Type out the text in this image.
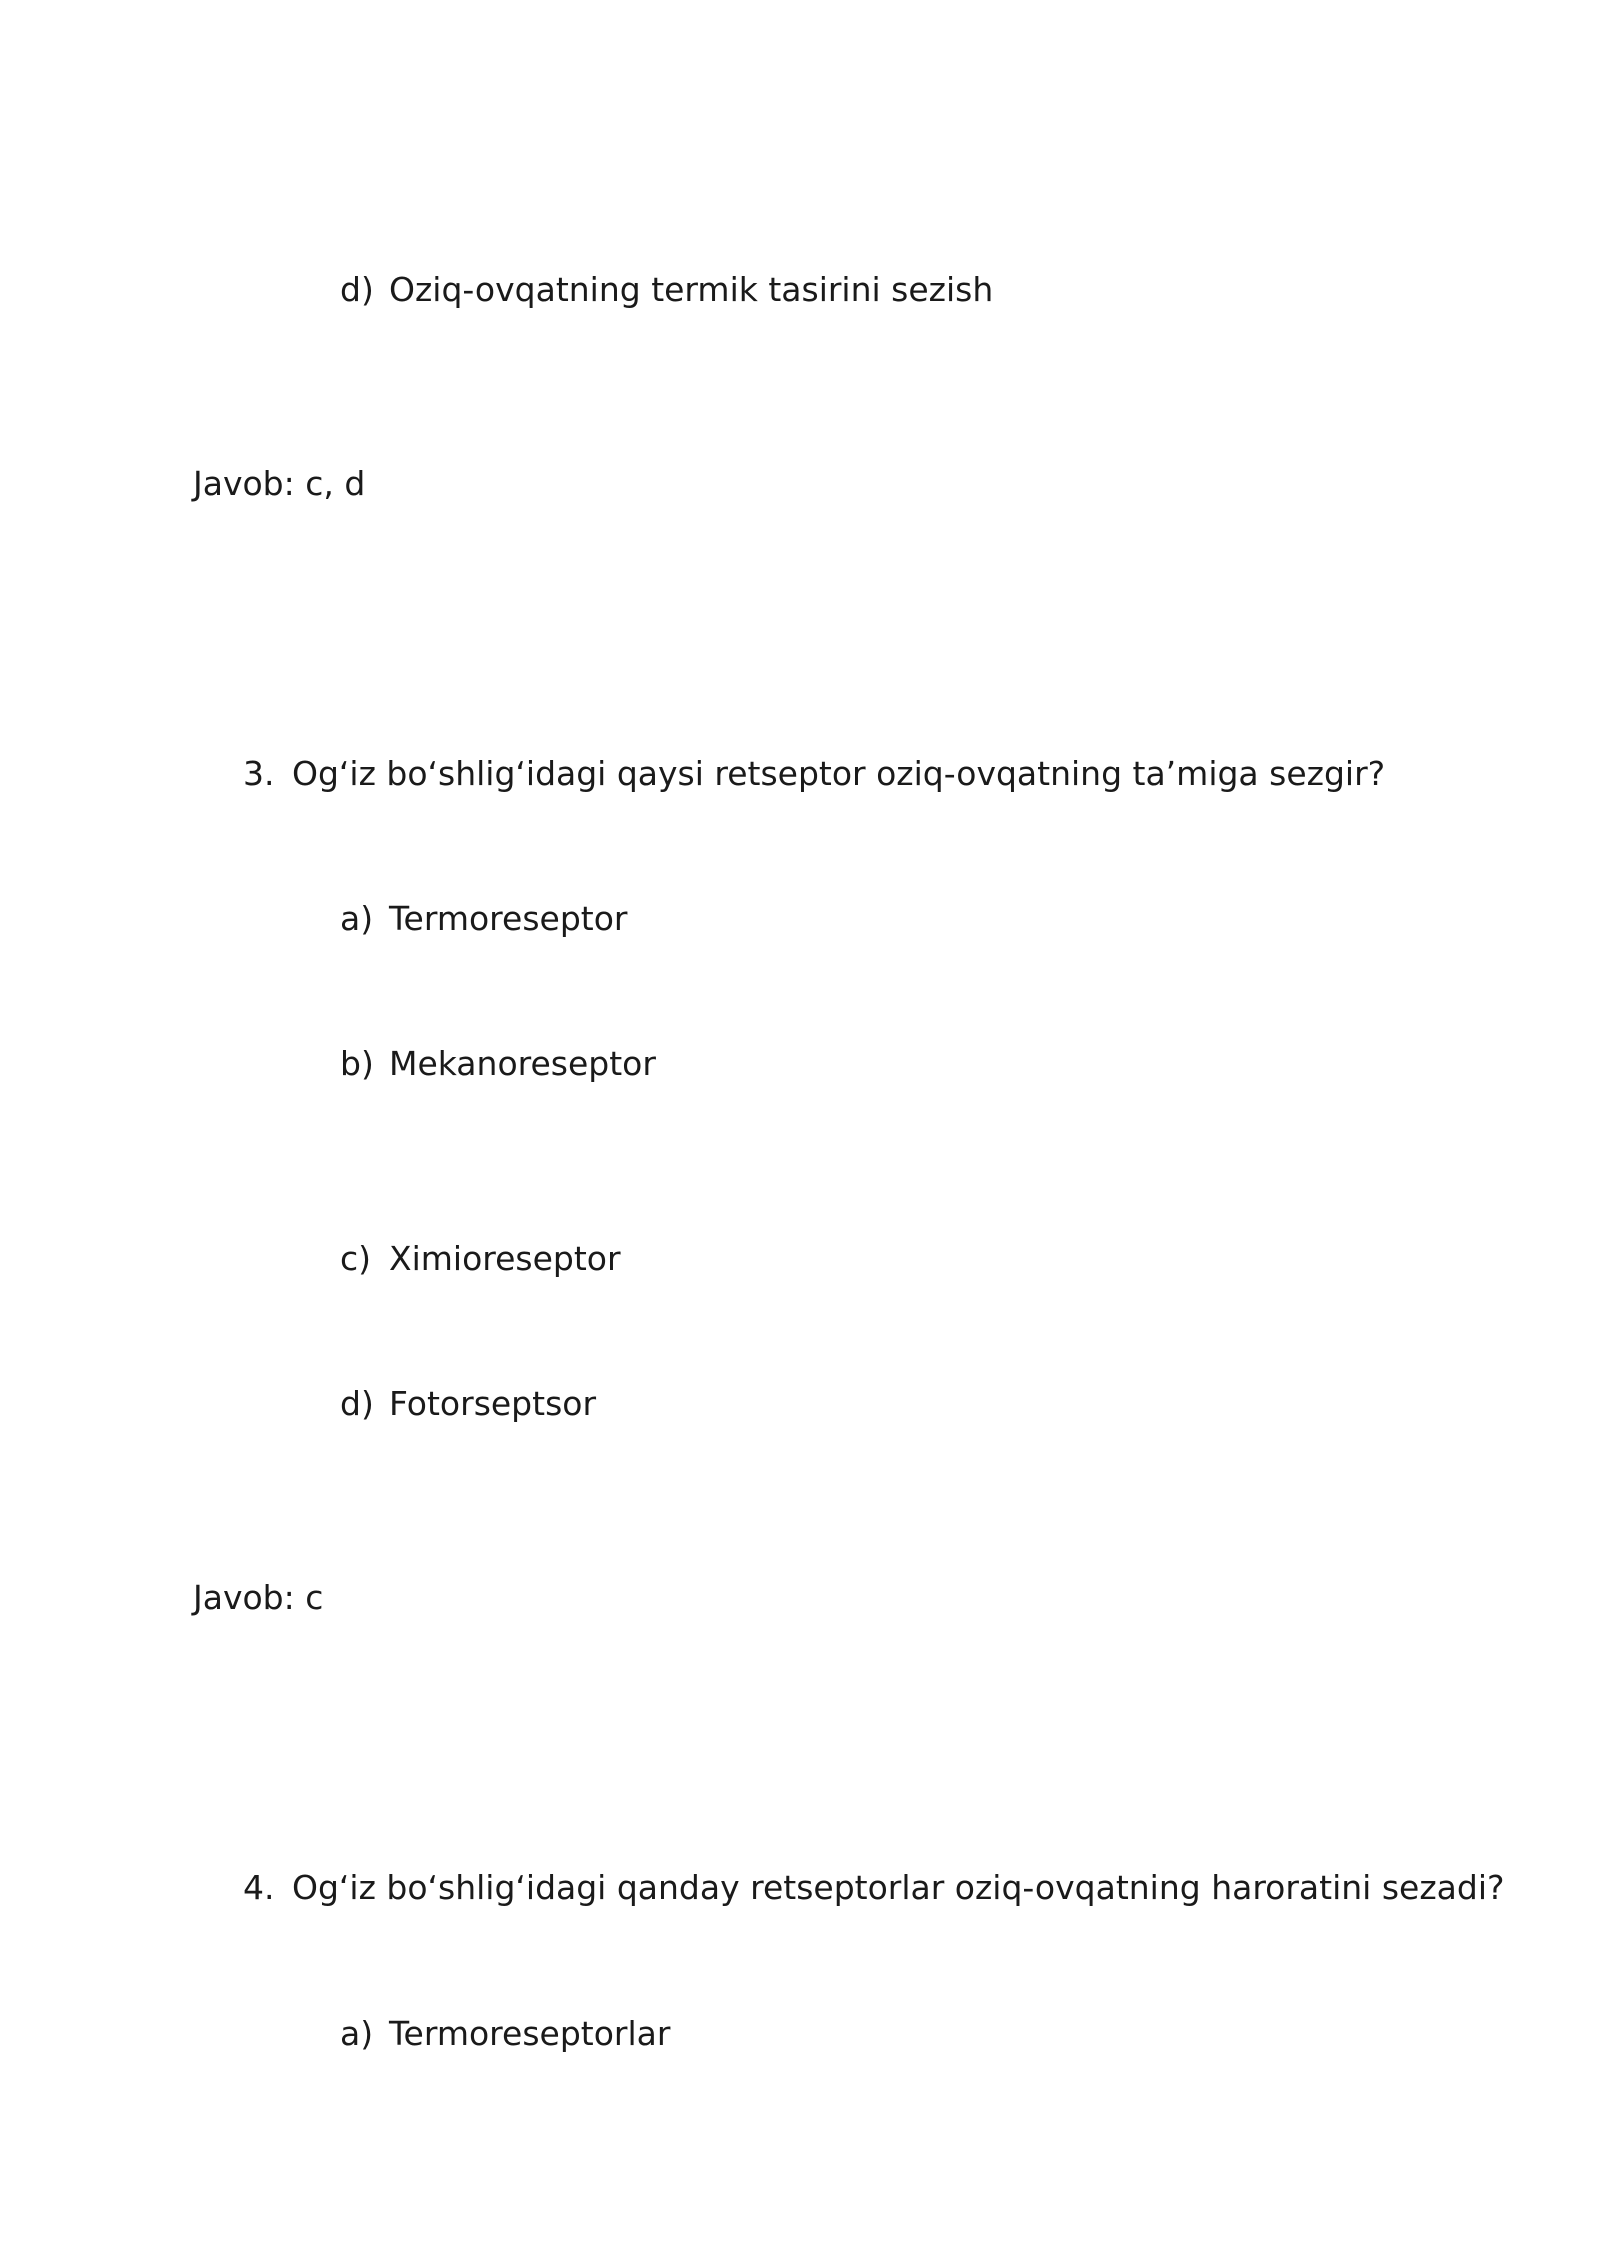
d) Oziq-ovqatning termik tasirini sezish
Javob: c, d
3. Og‘iz bo‘shlig‘idagi qaysi retseptor oziq-ovqatning ta’miga sezgir?
a) Termoreseptor
b) Mekanoreseptor
c) Ximioreseptor
d) Fotorseptsor
Javob: c
4. Og‘iz bo‘shlig‘idagi qanday retseptorlar oziq-ovqatning haroratini sezadi?
a) Termoreseptorlar
